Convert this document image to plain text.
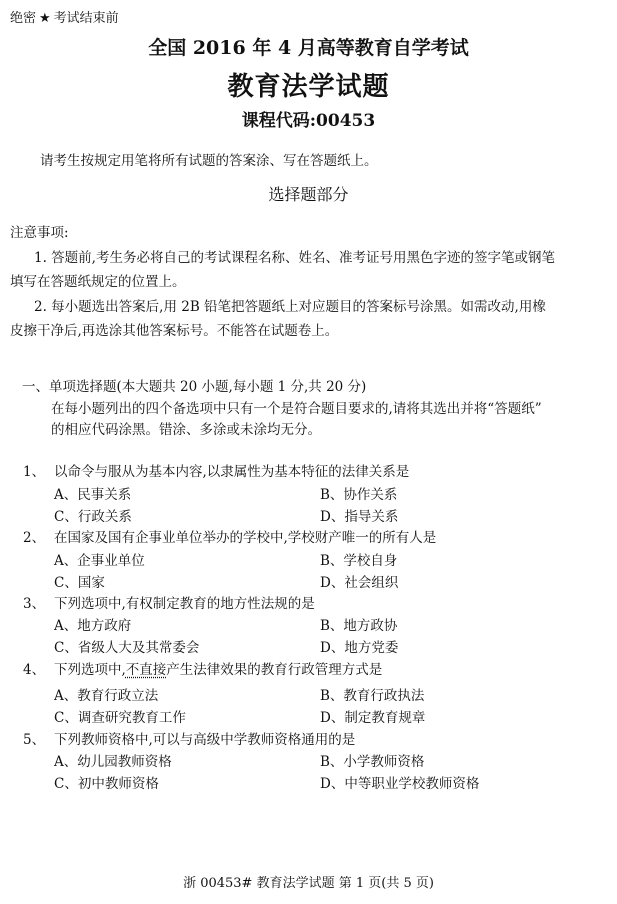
绝密 ★ 考试结束前
全国 2016 年 4 月高等教育自学考试
教育法学试题
课程代码:00453
请考生按规定用笔将所有试题的答案涂、写在答题纸上。
选择题部分
注意事项:
1. 答题前,考生务必将自己的考试课程名称、姓名、准考证号用黑色字迹的签字笔或钢笔
填写在答题纸规定的位置上。
2. 每小题选出答案后,用 2B 铅笔把答题纸上对应题目的答案标号涂黑。如需改动,用橡
皮擦干净后,再选涂其他答案标号。不能答在试题卷上。
一、单项选择题(本大题共 20 小题,每小题 1 分,共 20 分)
在每小题列出的四个备选项中只有一个是符合题目要求的,请将其选出并将“答题纸”
的相应代码涂黑。错涂、多涂或未涂均无分。
1、 以命令与服从为基本内容,以隶属性为基本特征的法律关系是
A、民事关系	B、协作关系
C、行政关系	D、指导关系
2、 在国家及国有企事业单位举办的学校中,学校财产唯一的所有人是
A、企事业单位	B、学校自身
C、国家	D、社会组织
3、 下列选项中,有权制定教育的地方性法规的是
A、地方政府	B、地方政协
C、省级人大及其常委会	D、地方党委
4、 下列选项中,不直接产生法律效果的教育行政管理方式是
A、教育行政立法	B、教育行政执法
C、调查研究教育工作	D、制定教育规章
5、 下列教师资格中,可以与高级中学教师资格通用的是
A、幼儿园教师资格	B、小学教师资格
C、初中教师资格	D、中等职业学校教师资格
浙 00453# 教育法学试题 第 1 页(共 5 页)
